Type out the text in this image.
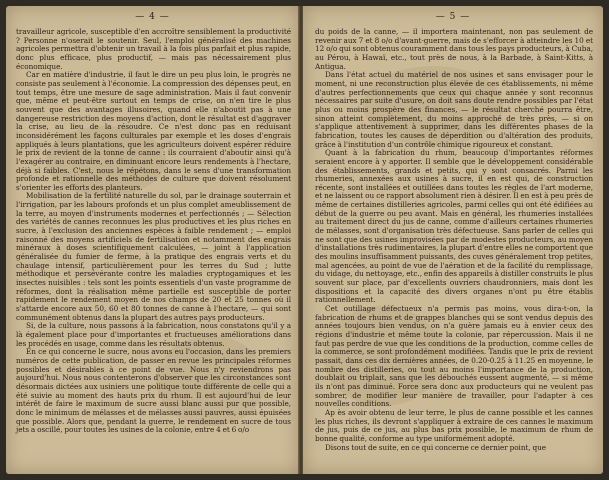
— 4 —

travailleur agricole, susceptible d'en accroître sensiblement la productivité ? Personne n'oserait le soutenir. Seul, l'emploi généralisé des machines agricoles permettra d'obtenir un travail à la fois plus parfait et plus rapide, donc plus efficace, plus productif, — mais pas nécessairement plus économique.

Car en matière d'industrie, il faut le dire un peu plus loin, le progrès ne consiste pas seulement à l'économie. La compression des dépenses peut, en tout temps, être une mesure de sage administration. Mais il faut convenir que, même et peut-être surtout en temps de crise, on n'en tire le plus souvent que des avantages illusoires, quand elle n'aboutit pas à une dangereuse restriction des moyens d'action, dont le résultat est d'aggraver la crise, au lieu de la résoudre. Ce n'est donc pas en réduisant inconsidérément les façons culturales par exemple et les doses d'engrais appliqués à leurs plantations, que les agriculteurs doivent espérer réduire le prix de revient de la tonne de canne : ils courraient d'aboutir ainsi qu'à l'exagérer au contraire, en diminuant encore leurs rendements à l'hectare, déjà si faibles. C'est, nous le répétons, dans le sens d'une transformation profonde et rationnelle des méthodes de culture que doivent résolument s'orienter les efforts des planteurs.

Mobilisation de la fertilité naturelle du sol, par le drainage souterrain et l'irrigation, par les labours profonds et un plus complet ameublissement de la terre, au moyen d'instruments modernes et perfectionnés ; — Sélection des variétés de cannes reconnues les plus productives et les plus riches en sucre, à l'exclusion des anciennes espèces à faible rendement ; — emploi raisonné des moyens artificiels de fertilisation et notamment des engrais minéraux à doses scientifiquement calculées, — joint à l'application généralisée du fumier de ferme, à la pratique des engrais verts et du chaulage intensif, particulièrement pour les terres du Sud ; lutte méthodique et persévérante contre les maladies cryptogamiques et les insectes nuisibles : tels sont les points essentiels d'un vaste programme de réformes, dont la réalisation même partielle est susceptible de porter rapidement le rendement moyen de nos champs de 20 et 25 tonnes où il s'attarde encore aux 50, 60 et 80 tonnes de canne à l'hectare, — qui sont communément obtenus dans la plupart des autres pays producteurs.

Si, de la culture, nous passons à la fabrication, nous constatons qu'il y a là également place pour d'importantes et fructueuses améliorations dans les procédés en usage, comme dans les résultats obtenus.

En ce qui concerne le sucre, nous avons eu l'occasion, dans les premiers numéros de cette publication, de passer en revue les principales réformes possibles et désirables à ce point de vue. Nous n'y reviendrons pas aujourd'hui. Nous nous contenterons d'observer que les circonstances sont désormais dictées aux usiniers une politique toute différente de celle qui a été suivie au moment des hauts prix du rhum. Il est aujourd'hui de leur intérêt de faire le maximum de sucre aussi blanc aussi pur que possible, donc le minimum de mélasses et de mélasses aussi pauvres, aussi épuisées que possible. Alors que, pendant la guerre, le rendement en sucre de tous jets a oscillé, pour toutes les usines de la colonie, entre 4 et 6 o/o

— 5 —

du poids de la canne, — il importera maintenant, non pas seulement de revenir aux 7 et 8 o/o d'avant-guerre, mais de s'efforcer à atteindre les 10 et 12 o/o qui sont obtenus couramment dans tous les pays producteurs, à Cuba, au Pérou, à Hawaï, etc., tout près de nous, à la Barbade, à Saint-Kitts, à Antigua.

Dans l'état actuel du matériel de nos usines et sans envisager pour le moment, ni une reconstruction plus élevée de ces établissements, ni même d'autres perfectionnements que ceux qui chaque année y sont reconnus nécessaires par suite d'usure, on doit sans doute rendre possibles par l'état plus ou moins prospère des finances, — le résultat cherché pourra être, sinon atteint complètement, du moins approché de très près, — si on s'applique attentivement à supprimer, dans les différentes phases de la fabrication, toutes les causes de déperdition ou d'altération des produits, grâce à l'institution d'un contrôle chimique rigoureux et constant.

Quant à la fabrication du rhum, beaucoup d'importantes réformes seraient encore à y apporter. Il semble que le développement considérable des établissements, grands et petits, qui y sont consacrés. Parmi les rhumeries, annexées aux usines à sucre, il en est qui, de construction récente, sont installées et outillées dans toutes les règles de l'art moderne, et ne laissent ou ce rapport absolument rien à désirer. Il en est à peu près de même de certaines distilleries agricoles, parmi celles qui ont été édifiées au début de la guerre ou peu avant. Mais en général, les rhumeries installées au traitement direct du jus de canne, comme d'ailleurs certaines rhumeries de mélasses, sont d'organisation très défectueuse. Sans parler de celles qui ne sont que des usines improvisées par de modestes producteurs, au moyen d'installations très rudimentaires, la plupart d'entre elles ne comportent que des moulins insuffisamment puissants, des cuves généralement trop petites, mal agencées, au point de vue de l'aération et de la facilité du remplissage, du vidage, du nettoyage, etc., enfin des appareils à distiller construits le plus souvent sur place, par d'excellents ouvriers chaudronniers, mais dont les dispositions et la capacité des divers organes n'ont pu être établis rationnellement.

Cet outillage défectueux n'a permis pas moins, vous dira-t-on, la fabrication de rhums et de grappes blanches qui se sont vendus depuis des années toujours bien vendus, on n'a guère jamais eu à envier ceux des régions d'industrie et même toute la colonie, par répercussion. Mais il ne faut pas perdre de vue que les conditions de la production, comme celles de la commerce, se sont profondément modifiées. Tandis que le prix de revient passait, dans ces dix dernières années, de 0.20-0.25 à 11.25 en moyenne, le nombre des distilleries, ou tout au moins l'importance de la production, doublait ou triplait, sans que les débouchés eussent augmenté, — si même ils n'ont pas diminué. Force sera donc aux producteurs qui ne veulent pas sombrer, de modifier leur manière de travailler, pour l'adapter à ces nouvelles conditions.

Ap ès avoir obtenu de leur terre, le plus de canne possible et les cannes les plus riches, ils devront s'appliquer à extraire de ces cannes le maximum de jus, puis de ce jus, au plus bas prix possible, le maximum de rhum de bonne qualité, conforme au type uniformément adopté.

Disons tout de suite, en ce qui concerne ce dernier point, que
